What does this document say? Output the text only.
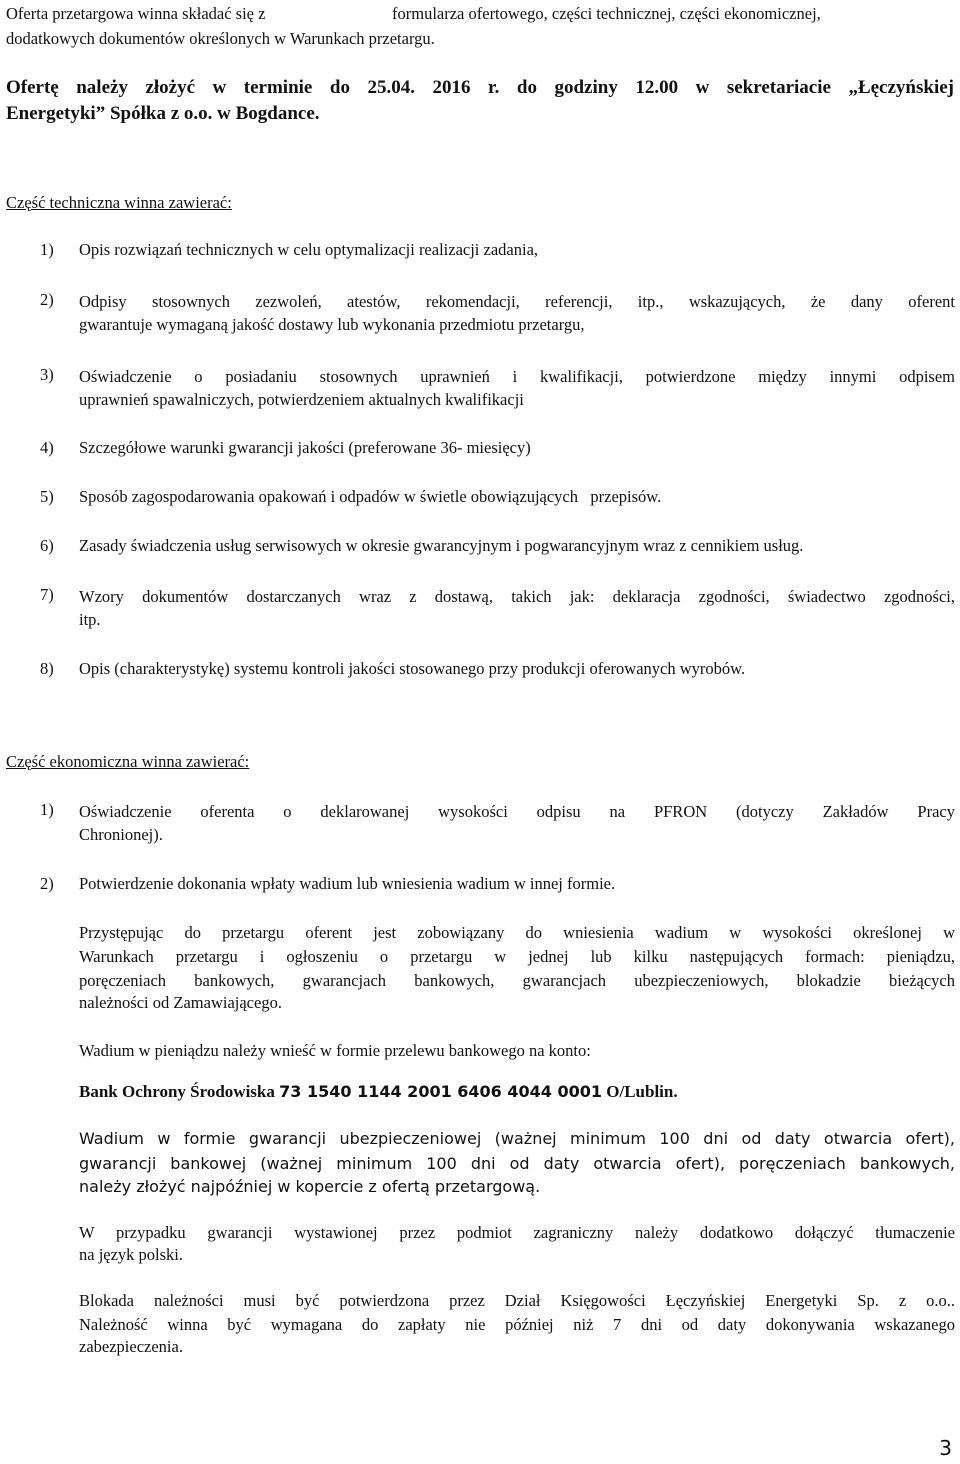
Oferta przetargowa winna składać się z	formularza ofertowego, części technicznej, części ekonomicznej,
dodatkowych dokumentów określonych w Warunkach przetargu.
Ofertę należy złożyć w terminie do 25.04. 2016 r. do godziny 12.00 w sekretariacie „Łęczyńskiej
Energetyki” Spółka z o.o. w Bogdance.
Część techniczna winna zawierać:
1) Opis rozwiązań technicznych w celu optymalizacji realizacji zadania,
2) Odpisy stosownych zezwoleń, atestów, rekomendacji, referencji, itp., wskazujących, że dany oferent
gwarantuje wymaganą jakość dostawy lub wykonania przedmiotu przetargu,
3) Oświadczenie o posiadaniu stosownych uprawnień i kwalifikacji, potwierdzone między innymi odpisem
uprawnień spawalniczych, potwierdzeniem aktualnych kwalifikacji
4) Szczegółowe warunki gwarancji jakości (preferowane 36- miesięcy)
5) Sposób zagospodarowania opakowań i odpadów w świetle obowiązujących   przepisów.
6) Zasady świadczenia usług serwisowych w okresie gwarancyjnym i pogwarancyjnym wraz z cennikiem usług.
7) Wzory dokumentów dostarczanych wraz z dostawą, takich jak: deklaracja zgodności, świadectwo zgodności,
itp.
8) Opis (charakterystykę) systemu kontroli jakości stosowanego przy produkcji oferowanych wyrobów.
Część ekonomiczna winna zawierać:
1) Oświadczenie oferenta o deklarowanej wysokości odpisu na PFRON (dotyczy Zakładów Pracy
Chronionej).
2) Potwierdzenie dokonania wpłaty wadium lub wniesienia wadium w innej formie.
Przystępując do przetargu oferent jest zobowiązany do wniesienia wadium w wysokości określonej w
Warunkach przetargu i ogłoszeniu o przetargu w jednej lub kilku następujących formach: pieniądzu,
poręczeniach bankowych, gwarancjach bankowych, gwarancjach ubezpieczeniowych, blokadzie bieżących
należności od Zamawiającego.
Wadium w pieniądzu należy wnieść w formie przelewu bankowego na konto:
Bank Ochrony Środowiska 73 1540 1144 2001 6406 4044 0001 O/Lublin.
Wadium w formie gwarancji ubezpieczeniowej (ważnej minimum 100 dni od daty otwarcia ofert),
gwarancji bankowej (ważnej minimum 100 dni od daty otwarcia ofert), poręczeniach bankowych,
należy złożyć najpóźniej w kopercie z ofertą przetargową.
W przypadku gwarancji wystawionej przez podmiot zagraniczny należy dodatkowo dołączyć tłumaczenie
na język polski.
Blokada należności musi być potwierdzona przez Dział Księgowości Łęczyńskiej Energetyki Sp. z o.o..
Należność winna być wymagana do zapłaty nie później niż 7 dni od daty dokonywania wskazanego
zabezpieczenia.
3
